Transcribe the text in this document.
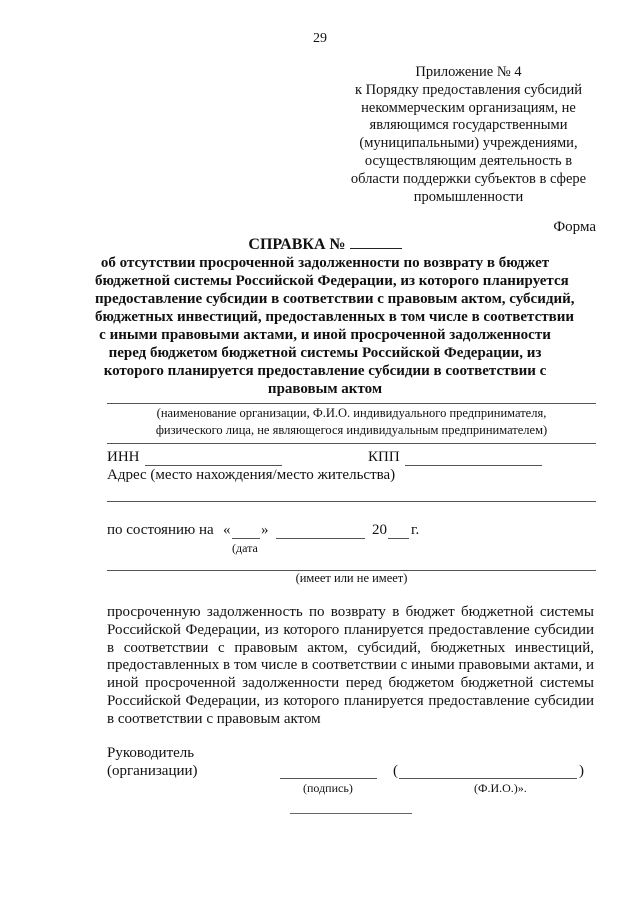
29
Приложение № 4
к Порядку предоставления субсидий
некоммерческим организациям, не
являющимся государственными
(муниципальными) учреждениями,
осуществляющим деятельность в
области поддержки субъектов в сфере
промышленности
Форма
СПРАВКА №
об отсутствии просроченной задолженности по возврату в бюджет
бюджетной системы Российской Федерации, из которого планируется
предоставление субсидии в соответствии с правовым актом, субсидий,
бюджетных инвестиций, предоставленных в том числе в соответствии
с иными правовыми актами, и иной просроченной задолженности
перед бюджетом бюджетной системы Российской Федерации, из
которого планируется предоставление субсидии в соответствии с
правовым актом
(наименование организации, Ф.И.О. индивидуального предпринимателя,
физического лица, не являющегося индивидуальным предпринимателем)
ИНН	КПП
Адрес (место нахождения/место жительства)
по состоянию на « »	20 г.
(дата
(имеет или не имеет)
просроченную задолженность по возврату в бюджет бюджетной системы Российской Федерации, из которого планируется предоставление субсидии в соответствии с правовым актом, субсидий, бюджетных инвестиций, предоставленных в том числе в соответствии с иными правовыми актами, и иной просроченной задолженности перед бюджетом бюджетной системы Российской Федерации, из которого планируется предоставление субсидии в соответствии с правовым актом
Руководитель
(организации)	(	)
(подпись)	(Ф.И.О.)».
